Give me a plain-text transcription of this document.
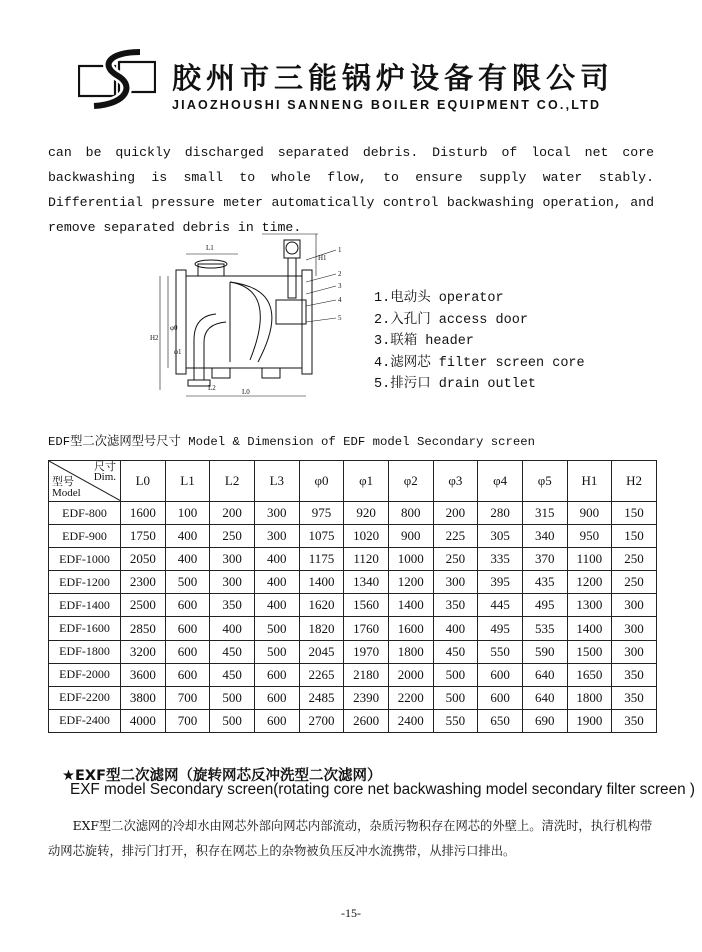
胶州市三能锅炉设备有限公司
JIAOZHOUSHI SANNENG BOILER EQUIPMENT CO.,LTD
can be quickly discharged separated debris. Disturb of local net core backwashing is small to whole flow, to ensure supply water stably. Differential pressure meter automatically control backwashing operation, and remove separated debris in time.
H2
φ0
L1
L0
L2
H1
φ1
1
2
3
4
5
1.电动头 operator
2.入孔门 access door
3.联箱 header
4.滤网芯 filter screen core
5.排污口 drain outlet
EDF型二次滤网型号尺寸 Model & Dimension of EDF model Secondary screen
尺寸
Dim.
型号
Model	L0	L1	L2	L3	φ0	φ1	φ2	φ3	φ4	φ5	H1	H2
EDF-800	1600	100	200	300	975	920	800	200	280	315	900	150
EDF-900	1750	400	250	300	1075	1020	900	225	305	340	950	150
EDF-1000	2050	400	300	400	1175	1120	1000	250	335	370	1100	250
EDF-1200	2300	500	300	400	1400	1340	1200	300	395	435	1200	250
EDF-1400	2500	600	350	400	1620	1560	1400	350	445	495	1300	300
EDF-1600	2850	600	400	500	1820	1760	1600	400	495	535	1400	300
EDF-1800	3200	600	450	500	2045	1970	1800	450	550	590	1500	300
EDF-2000	3600	600	450	600	2265	2180	2000	500	600	640	1650	350
EDF-2200	3800	700	500	600	2485	2390	2200	500	600	640	1800	350
EDF-2400	4000	700	500	600	2700	2600	2400	550	650	690	1900	350
★EXF型二次滤网（旋转网芯反冲洗型二次滤网）
EXF model Secondary screen(rotating core net backwashing model secondary filter screen )
EXF型二次滤网的冷却水由网芯外部向网芯内部流动，杂质污物积存在网芯的外壁上。清洗时，执行机构带动网芯旋转，排污门打开，积存在网芯上的杂物被负压反冲水流携带，从排污口排出。
-15-
